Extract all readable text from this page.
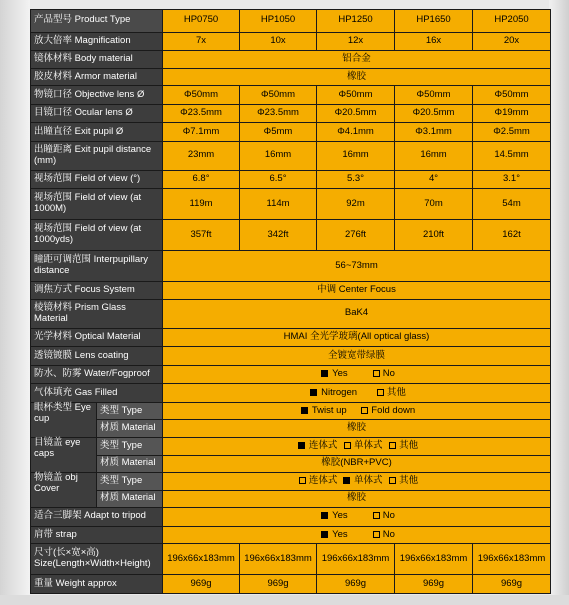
产品型号 Product Type		HP0750	HP1050	HP1250	HP1650	HP2050
放大倍率 Magnification		7x	10x	12x	16x	20x
镜体材料 Body material		铝合金				
胶皮材料 Armor material		橡胶				
物镜口径 Objective lens Ø		Φ50mm	Φ50mm	Φ50mm	Φ50mm	Φ50mm
目镜口径 Ocular lens Ø		Φ23.5mm	Φ23.5mm	Φ20.5mm	Φ20.5mm	Φ19mm
出瞳直径 Exit pupil Ø		Φ7.1mm	Φ5mm	Φ4.1mm	Φ3.1mm	Φ2.5mm
出瞳距离 Exit pupil distance (mm)		23mm	16mm	16mm	16mm	14.5mm
视场范围 Field of view (°)		6.8°	6.5°	5.3°	4°	3.1°
视场范围 Field of view (at 1000M)		119m	114m	92m	70m	54m
视场范围 Field of view (at 1000yds)		357ft	342ft	276ft	210ft	162t
瞳距可调范围 Interpupillary distance		56~73mm				
调焦方式 Focus System		中调 Center Focus				
棱镜材料 Prism Glass Material		BaK4				
光学材料 Optical Material		HMAI 全光学玻璃(All optical glass)				
透镜镀膜 Lens coating		全镀宽带绿膜				
防水、防雾 Water/Fogproof		Yes No				
气体填充 Gas Filled		Nitrogen 其他				
眼杯类型 Eye cup	类型 Type	Twist up Fold down				
	材质 Material	橡胶				
目镜盖 eye caps	类型 Type	连体式 单体式 其他				
	材质 Material	橡胶(NBR+PVC)				
物镜盖 obj Cover	类型 Type	连体式 单体式 其他				
	材质 Material	橡胶				
适合三脚架 Adapt to tripod		Yes No				
肩带 strap		Yes No				
尺寸(长×宽×高) Size(Length×Width×Height)		196x66x183mm	196x66x183mm	196x66x183mm	196x66x183mm	196x66x183mm
重量 Weight approx		969g	969g	969g	969g	969g
